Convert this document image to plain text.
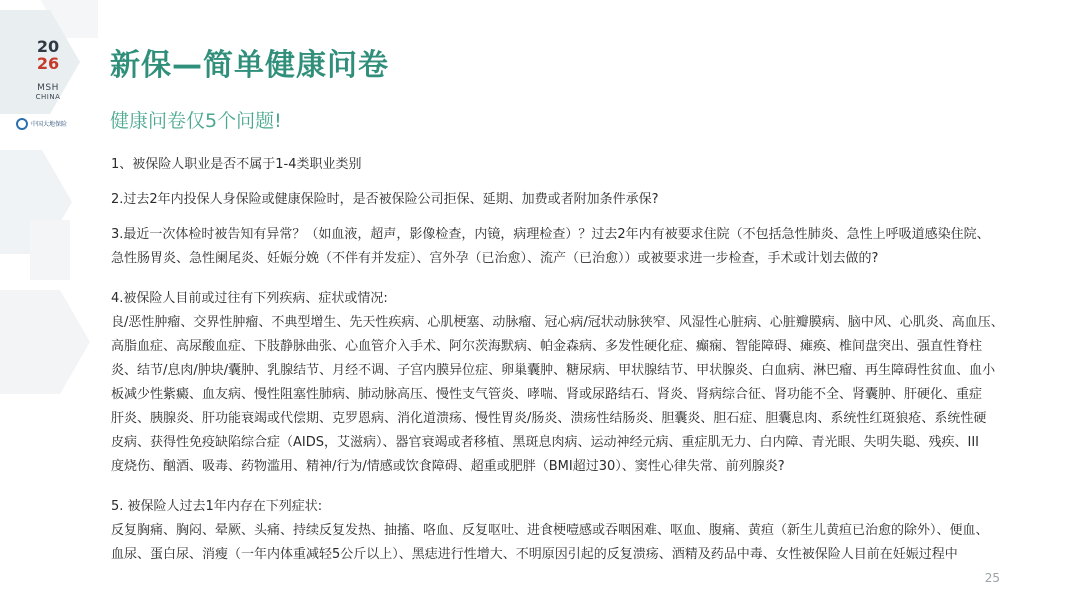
20
26
MSH
CHINA
中国大地保险
新保—简单健康问卷
健康问卷仅5个问题!
1、被保险人职业是否不属于1-4类职业类别
2.过去2年内投保人身保险或健康保险时，是否被保险公司拒保、延期、加费或者附加条件承保?
3.最近一次体检时被告知有异常？（如血液，超声，影像检查，内镜，病理检查）？过去2年内有被要求住院（不包括急性肺炎、急性上呼吸道感染住院、
急性肠胃炎、急性阑尾炎、妊娠分娩（不伴有并发症）、宫外孕（已治愈）、流产（已治愈））或被要求进一步检查，手术或计划去做的?
4.被保险人目前或过往有下列疾病、症状或情况:
良/恶性肿瘤、交界性肿瘤、不典型增生、先天性疾病、心肌梗塞、动脉瘤、冠心病/冠状动脉狭窄、风湿性心脏病、心脏瓣膜病、脑中风、心肌炎、高血压、
高脂血症、高尿酸血症、下肢静脉曲张、心血管介入手术、阿尔茨海默病、帕金森病、多发性硬化症、癫痫、智能障碍、瘫痪、椎间盘突出、强直性脊柱
炎、结节/息肉/肿块/囊肿、乳腺结节、月经不调、子宫内膜异位症、卵巢囊肿、糖尿病、甲状腺结节、甲状腺炎、白血病、淋巴瘤、再生障碍性贫血、血小
板减少性紫癜、血友病、慢性阻塞性肺病、肺动脉高压、慢性支气管炎、哮喘、肾或尿路结石、肾炎、肾病综合征、肾功能不全、肾囊肿、肝硬化、重症
肝炎、胰腺炎、肝功能衰竭或代偿期、克罗恩病、消化道溃疡、慢性胃炎/肠炎、溃疡性结肠炎、胆囊炎、胆石症、胆囊息肉、系统性红斑狼疮、系统性硬
皮病、获得性免疫缺陷综合症（AIDS，艾滋病）、器官衰竭或者移植、黑斑息肉病、运动神经元病、重症肌无力、白内障、青光眼、失明失聪、残疾、III
度烧伤、酗酒、吸毒、药物滥用、精神/行为/情感或饮食障碍、超重或肥胖（BMI超过30）、窦性心律失常、前列腺炎?
5. 被保险人过去1年内存在下列症状:
反复胸痛、胸闷、晕厥、头痛、持续反复发热、抽搐、咯血、反复呕吐、进食梗噎感或吞咽困难、呕血、腹痛、黄疸（新生儿黄疸已治愈的除外）、便血、
血尿、蛋白尿、消瘦（一年内体重减轻5公斤以上）、黑痣进行性增大、不明原因引起的反复溃疡、酒精及药品中毒、女性被保险人目前在妊娠过程中
25
